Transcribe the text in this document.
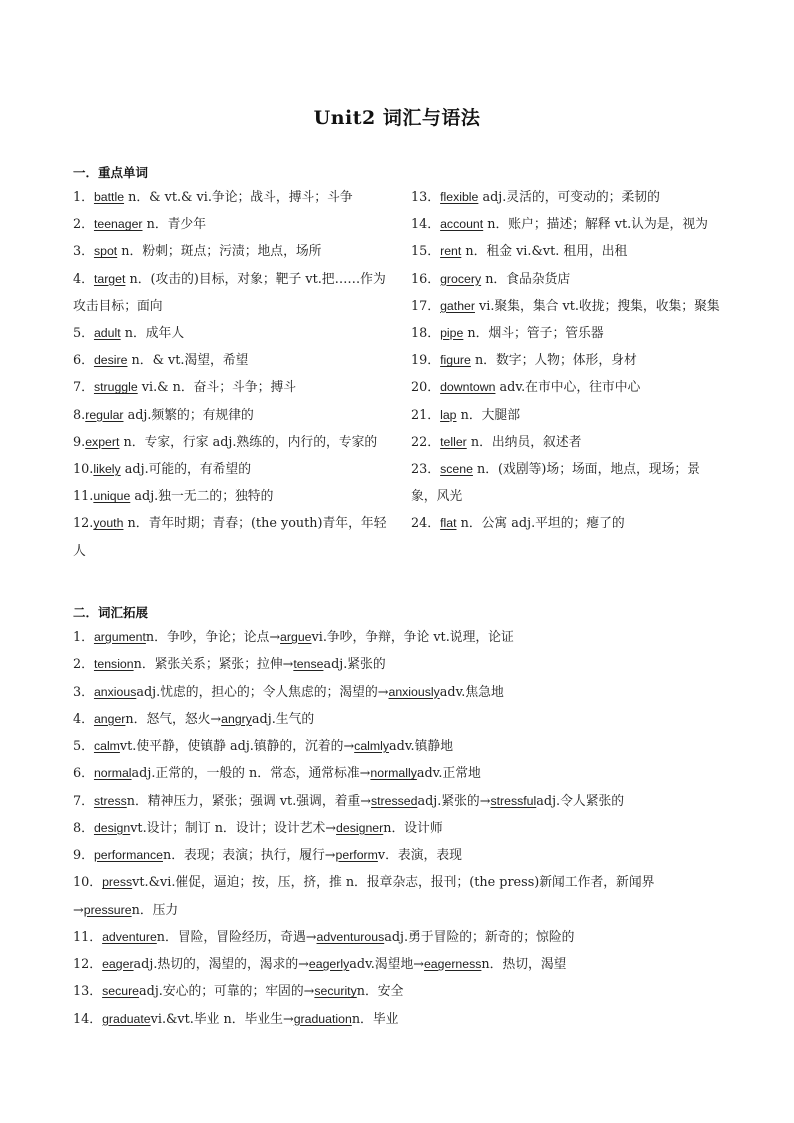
Unit2 词汇与语法
一．重点单词
1．battle n．& vt.& vi.争论；战斗，搏斗；斗争
2．teenager n．青少年
3．spot n．粉刺；斑点；污渍；地点，场所
4．target n．(攻击的)目标，对象；靶子 vt.把……作为攻击目标；面向
5．adult n．成年人
6．desire n．& vt.渴望，希望
7．struggle vi.& n．奋斗；斗争；搏斗
8.regular adj.频繁的；有规律的
9.expert n．专家，行家 adj.熟练的，内行的，专家的
10.likely adj.可能的，有希望的
11.unique adj.独一无二的；独特的
12.youth n．青年时期；青春；(the youth)青年，年轻人
13．flexible adj.灵活的，可变动的；柔韧的
14．account n．账户；描述；解释 vt.认为是，视为
15．rent n．租金 vi.&vt. 租用，出租
16．grocery n．食品杂货店
17．gather vi.聚集，集合 vt.收拢；搜集，收集；聚集
18．pipe n．烟斗；管子；管乐器
19．figure n．数字；人物；体形，身材
20．downtown adv.在市中心，往市中心
21．lap n．大腿部
22．teller n．出纳员，叙述者
23．scene n．(戏剧等)场；场面，地点，现场；景象，风光
24．flat n．公寓 adj.平坦的；瘪了的
二．词汇拓展
1．argumentn．争吵，争论；论点→arguevi.争吵，争辩，争论 vt.说理，论证
2．tensionn．紧张关系；紧张；拉伸→tenseadj.紧张的
3．anxiousadj.忧虑的，担心的；令人焦虑的；渴望的→anxiouslyadv.焦急地
4．angern．怒气，怒火→angryadj.生气的
5．calmvt.使平静，使镇静 adj.镇静的，沉着的→calmlyadv.镇静地
6．normaladj.正常的，一般的 n．常态，通常标准→normallyadv.正常地
7．stressn．精神压力，紧张；强调 vt.强调，着重→stressedadj.紧张的→stressfuladj.令人紧张的
8．designvt.设计；制订 n．设计；设计艺术→designern．设计师
9．performancen．表现；表演；执行，履行→performv．表演，表现
10．pressvt.&vi.催促，逼迫；按，压，挤，推 n．报章杂志，报刊；(the press)新闻工作者，新闻界→pressuren．压力
11．adventuren．冒险，冒险经历，奇遇→adventurousadj.勇于冒险的；新奇的；惊险的
12．eageradj.热切的，渴望的，渴求的→eagerlyadv.渴望地→eagernessn．热切，渴望
13．secureadj.安心的；可靠的；牢固的→securityn．安全
14．graduatevi.&vt.毕业 n．毕业生→graduationn．毕业
